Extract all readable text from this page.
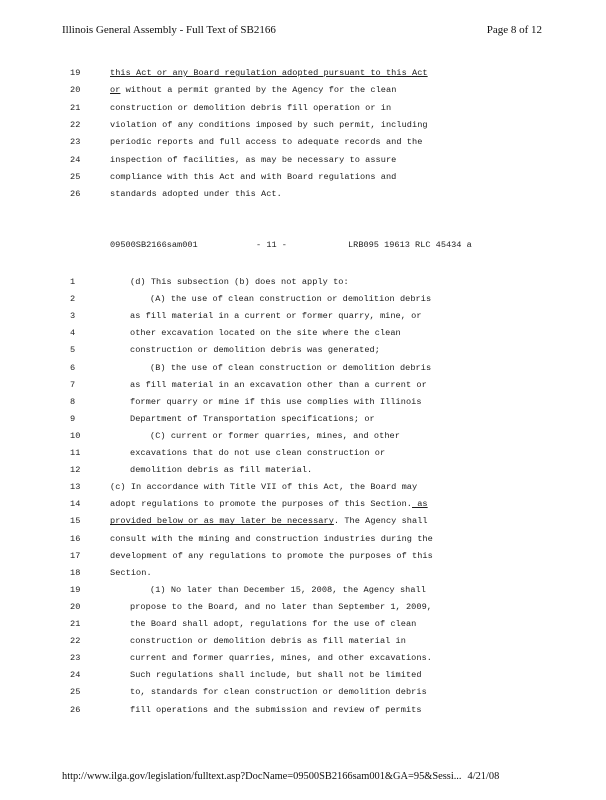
Illinois General Assembly - Full Text of SB2166	Page 8 of 12
19	this Act or any Board regulation adopted pursuant to this Act
20	or without a permit granted by the Agency for the clean
21	construction or demolition debris fill operation or in
22	violation of any conditions imposed by such permit, including
23	periodic reports and full access to adequate records and the
24	inspection of facilities, as may be necessary to assure
25	compliance with this Act and with Board regulations and
26	standards adopted under this Act.

09500SB2166sam001

	- 11 -

	LRB095 19613 RLC 45434 a

1	(d) This subsection (b) does not apply to:
2	(A) the use of clean construction or demolition debris
3	as fill material in a current or former quarry, mine, or
4	other excavation located on the site where the clean
5	construction or demolition debris was generated;
6	(B) the use of clean construction or demolition debris
7	as fill material in an excavation other than a current or
8	former quarry or mine if this use complies with Illinois
9	Department of Transportation specifications; or
10	(C) current or former quarries, mines, and other
11	excavations that do not use clean construction or
12	demolition debris as fill material.
13	(c) In accordance with Title VII of this Act, the Board may
14	adopt regulations to promote the purposes of this Section. as
15	provided below or as may later be necessary. The Agency shall
16	consult with the mining and construction industries during the
17	development of any regulations to promote the purposes of this
18	Section.
19	(1) No later than December 15, 2008, the Agency shall
20	propose to the Board, and no later than September 1, 2009,
21	the Board shall adopt, regulations for the use of clean
22	construction or demolition debris as fill material in
23	current and former quarries, mines, and other excavations.
24	Such regulations shall include, but shall not be limited
25	to, standards for clean construction or demolition debris
26	fill operations and the submission and review of permits
http://www.ilga.gov/legislation/fulltext.asp?DocName=09500SB2166sam001&GA=95&Sessi... 4/21/08
